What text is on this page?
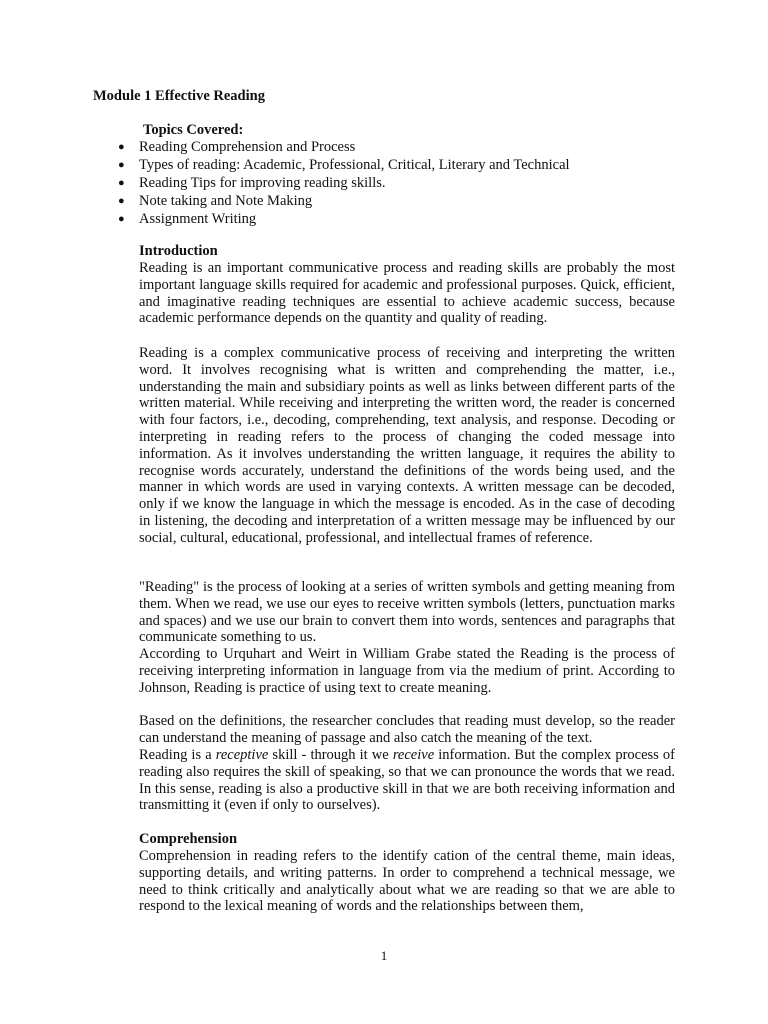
Module 1 Effective Reading

Topics Covered:

● Reading Comprehension and Process
● Types of reading: Academic, Professional, Critical, Literary and Technical
● Reading Tips for improving reading skills.
● Note taking and Note Making
● Assignment Writing

Introduction

Reading is an important communicative process and reading skills are probably the most important language skills required for academic and professional purposes. Quick, efficient, and imaginative reading techniques are essential to achieve academic success, because academic performance depends on the quantity and quality of reading.

Reading is a complex communicative process of receiving and interpreting the written word. It involves recognising what is written and comprehending the matter, i.e., understanding the main and subsidiary points as well as links between different parts of the written material. While receiving and interpreting the written word, the reader is concerned with four factors, i.e., decoding, comprehending, text analysis, and response. Decoding or interpreting in reading refers to the process of changing the coded message into information. As it involves understanding the written language, it requires the ability to recognise words accurately, understand the definitions of the words being used, and the manner in which words are used in varying contexts. A written message can be decoded, only if we know the language in which the message is encoded. As in the case of decoding in listening, the decoding and interpretation of a written message may be influenced by our social, cultural, educational, professional, and intellectual frames of reference.

"Reading" is the process of looking at a series of written symbols and getting meaning from them. When we read, we use our eyes to receive written symbols (letters, punctuation marks and spaces) and we use our brain to convert them into words, sentences and paragraphs that communicate something to us.

According to Urquhart and Weirt in William Grabe stated the Reading is the process of receiving interpreting information in language from via the medium of print. According to Johnson, Reading is practice of using text to create meaning.

Based on the definitions, the researcher concludes that reading must develop, so the reader can understand the meaning of passage and also catch the meaning of the text.

Reading is a receptive skill - through it we receive information. But the complex process of reading also requires the skill of speaking, so that we can pronounce the words that we read. In this sense, reading is also a productive skill in that we are both receiving information and transmitting it (even if only to ourselves).

Comprehension

Comprehension in reading refers to the identify cation of the central theme, main ideas, supporting details, and writing patterns. In order to comprehend a technical message, we need to think critically and analytically about what we are reading so that we are able to respond to the lexical meaning of words and the relationships between them,

1
